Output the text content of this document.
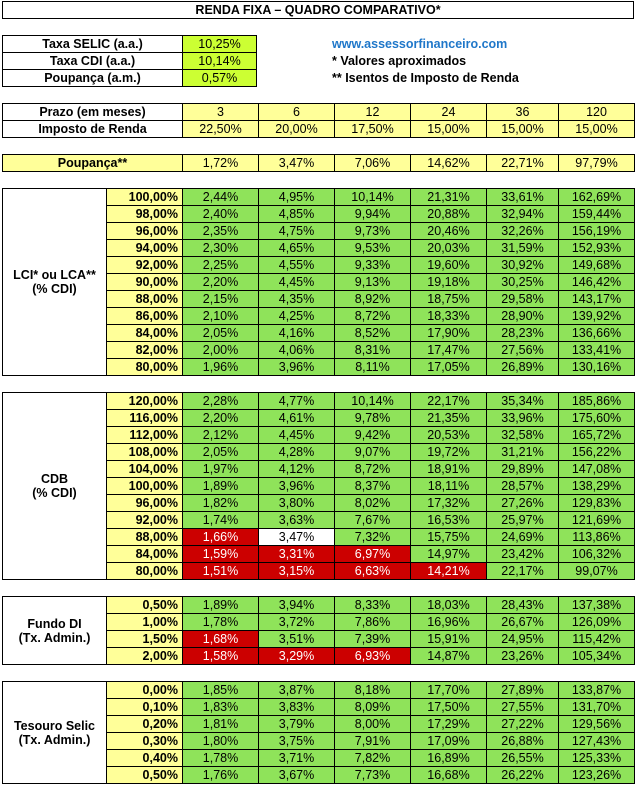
RENDA FIXA – QUADRO COMPARATIVO*
Taxa SELIC (a.a.)	10,25%
Taxa CDI (a.a.)	10,14%
Poupança (a.m.)	0,57%
www.assessorfinanceiro.com
* Valores aproximados
** Isentos de Imposto de Renda
Prazo (em meses)	3	6	12	24	36	120
Imposto de Renda	22,50%	20,00%	17,50%	15,00%	15,00%	15,00%
Poupança**	1,72%	3,47%	7,06%	14,62%	22,71%	97,79%
LCI* ou LCA**
(% CDI)	100,00%	2,44%	4,95%	10,14%	21,31%	33,61%	162,69%
	98,00%	2,40%	4,85%	9,94%	20,88%	32,94%	159,44%
	96,00%	2,35%	4,75%	9,73%	20,46%	32,26%	156,19%
	94,00%	2,30%	4,65%	9,53%	20,03%	31,59%	152,93%
	92,00%	2,25%	4,55%	9,33%	19,60%	30,92%	149,68%
	90,00%	2,20%	4,45%	9,13%	19,18%	30,25%	146,42%
	88,00%	2,15%	4,35%	8,92%	18,75%	29,58%	143,17%
	86,00%	2,10%	4,25%	8,72%	18,33%	28,90%	139,92%
	84,00%	2,05%	4,16%	8,52%	17,90%	28,23%	136,66%
	82,00%	2,00%	4,06%	8,31%	17,47%	27,56%	133,41%
	80,00%	1,96%	3,96%	8,11%	17,05%	26,89%	130,16%
CDB
(% CDI)	120,00%	2,28%	4,77%	10,14%	22,17%	35,34%	185,86%
	116,00%	2,20%	4,61%	9,78%	21,35%	33,96%	175,60%
	112,00%	2,12%	4,45%	9,42%	20,53%	32,58%	165,72%
	108,00%	2,05%	4,28%	9,07%	19,72%	31,21%	156,22%
	104,00%	1,97%	4,12%	8,72%	18,91%	29,89%	147,08%
	100,00%	1,89%	3,96%	8,37%	18,11%	28,57%	138,29%
	96,00%	1,82%	3,80%	8,02%	17,32%	27,26%	129,83%
	92,00%	1,74%	3,63%	7,67%	16,53%	25,97%	121,69%
	88,00%	1,66%	3,47%	7,32%	15,75%	24,69%	113,86%
	84,00%	1,59%	3,31%	6,97%	14,97%	23,42%	106,32%
	80,00%	1,51%	3,15%	6,63%	14,21%	22,17%	99,07%
Fundo DI
(Tx. Admin.)	0,50%	1,89%	3,94%	8,33%	18,03%	28,43%	137,38%
	1,00%	1,78%	3,72%	7,86%	16,96%	26,67%	126,09%
	1,50%	1,68%	3,51%	7,39%	15,91%	24,95%	115,42%
	2,00%	1,58%	3,29%	6,93%	14,87%	23,26%	105,34%
Tesouro Selic
(Tx. Admin.)	0,00%	1,85%	3,87%	8,18%	17,70%	27,89%	133,87%
	0,10%	1,83%	3,83%	8,09%	17,50%	27,55%	131,70%
	0,20%	1,81%	3,79%	8,00%	17,29%	27,22%	129,56%
	0,30%	1,80%	3,75%	7,91%	17,09%	26,88%	127,43%
	0,40%	1,78%	3,71%	7,82%	16,89%	26,55%	125,33%
	0,50%	1,76%	3,67%	7,73%	16,68%	26,22%	123,26%
